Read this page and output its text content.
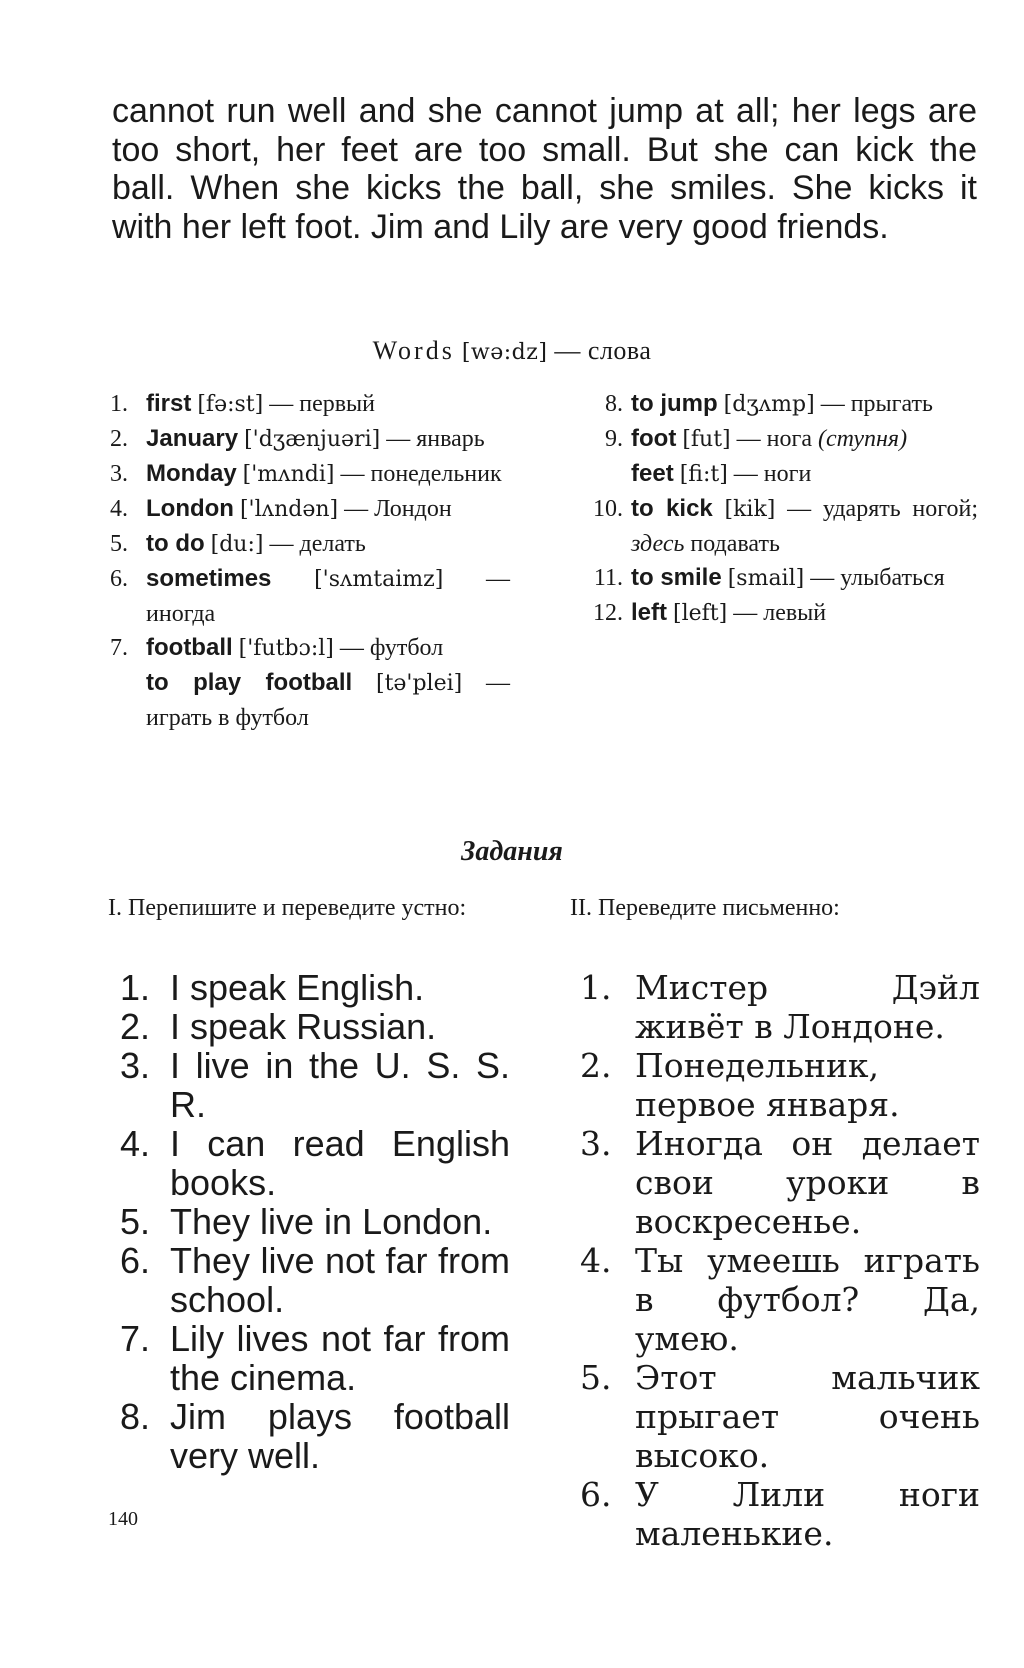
cannot run well and she cannot jump at all; her legs are too short, her feet are too small. But she can kick the ball. When she kicks the ball, she smiles. She kicks it with her left foot. Jim and Lily are very good friends.

Words [wə:dz] — слова
1. first [fə:st] — первый
2. January ['dʒænjuəri] — январь
3. Monday ['mʌndi] — понедельник
4. London ['lʌndən] — Лондон
5. to do [du:] — делать
6. sometimes ['sʌmtaimz] — иногда
7. football ['futbɔ:l] — футбол
to play football [tə'plei] — играть в футбол
8. to jump [dʒʌmp] — прыгать
9. foot [fut] — нога (ступня)
feet [fi:t] — ноги
10. to kick [kik] — ударять ногой; здесь подавать
11. to smile [smail] — улыбаться
12. left [left] — левый
Задания
I. Перепишите и переведите устно:	II. Переведите письменно:
1. I speak English.
2. I speak Russian.
3. I live in the U. S. S. R.
4. I can read English books.
5. They live in London.
6. They live not far from school.
7. Lily lives not far from the cinema.
8. Jim plays football very well.
1. Мистер Дэйл живёт в Лондоне.
2. Понедельник, первое января.
3. Иногда он делает свои уроки в воскресенье.
4. Ты умеешь играть в футбол? Да, умею.
5. Этот мальчик прыгает очень высоко.
6. У Лили ноги маленькие.
140
